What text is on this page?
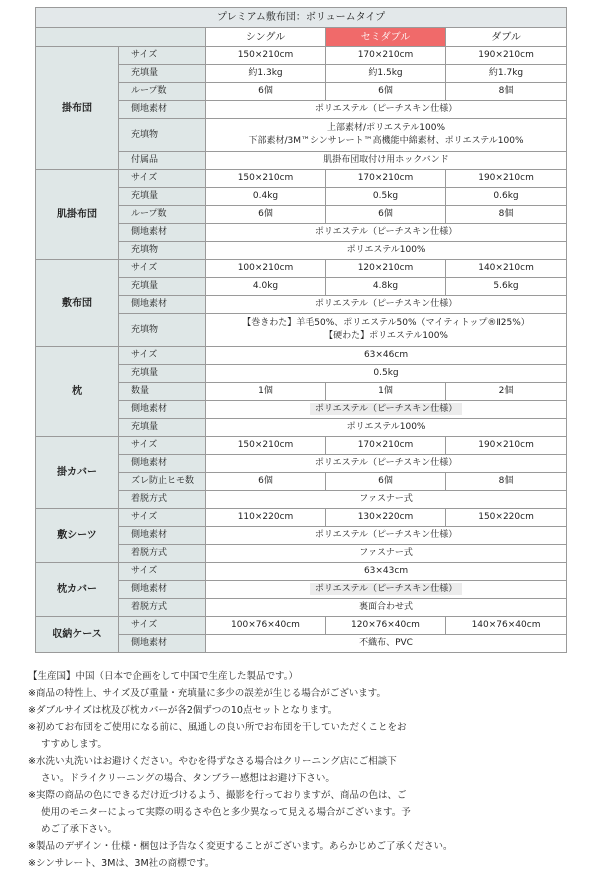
プレミアム敷布団：ボリュームタイプ				
		シングル	セミダブル	ダブル
掛布団	サイズ	150×210cm	170×210cm	190×210cm
	充填量	約1.3kg	約1.5kg	約1.7kg
	ループ数	6個	6個	8個
	側地素材	ポリエステル（ピーチスキン仕様）		
	充填物	上部素材/ポリエステル100%
下部素材/3M™シンサレート™高機能中綿素材、ポリエステル100%		

	付属品	肌掛布団取付け用ホックバンド		
肌掛布団	サイズ	150×210cm	170×210cm	190×210cm
	充填量	0.4kg	0.5kg	0.6kg
	ループ数	6個	6個	8個
	側地素材	ポリエステル（ピーチスキン仕様）		
	充填物	ポリエステル100%		
敷布団	サイズ	100×210cm	120×210cm	140×210cm
	充填量	4.0kg	4.8kg	5.6kg
	側地素材	ポリエステル（ピーチスキン仕様）		
	充填物	【巻きわた】羊毛50%、ポリエステル50%（マイティトップ®Ⅱ25%）
【硬わた】ポリエステル100%		

枕	サイズ	63×46cm		
	充填量	0.5kg		
	数量	1個	1個	2個
	側地素材	ポリエステル（ピーチスキン仕様）		
	充填量	ポリエステル100%		
掛カバー	サイズ	150×210cm	170×210cm	190×210cm
	側地素材	ポリエステル（ピーチスキン仕様）		
	ズレ防止ヒモ数	6個	6個	8個
	着脱方式	ファスナー式		
敷シーツ	サイズ	110×220cm	130×220cm	150×220cm
	側地素材	ポリエステル（ピーチスキン仕様）		
	着脱方式	ファスナー式		
枕カバー	サイズ	63×43cm		
	側地素材	ポリエステル（ピーチスキン仕様）		
	着脱方式	裏面合わせ式		
収納ケース	サイズ	100×76×40cm	120×76×40cm	140×76×40cm
	側地素材	不織布、PVC		

【生産国】中国（日本で企画をして中国で生産した製品です。）

※商品の特性上、サイズ及び重量・充填量に多少の誤差が生じる場合がございます。

※ダブルサイズは枕及び枕カバーが各2個ずつの10点セットとなります。

※初めてお布団をご使用になる前に、風通しの良い所でお布団を干していただくことをお

すすめします。

※水洗い丸洗いはお避けください。やむを得ずなさる場合はクリーニング店にご相談下

さい。ドライクリーニングの場合、タンブラー感想はお避け下さい。

※実際の商品の色にできるだけ近づけるよう、撮影を行っておりますが、商品の色は、ご

使用のモニターによって実際の明るさや色と多少異なって見える場合がございます。予

めご了承下さい。

※製品のデザイン・仕様・梱包は予告なく変更することがございます。あらかじめご了承ください。

※シンサレート、3Mは、3M社の商標です。
